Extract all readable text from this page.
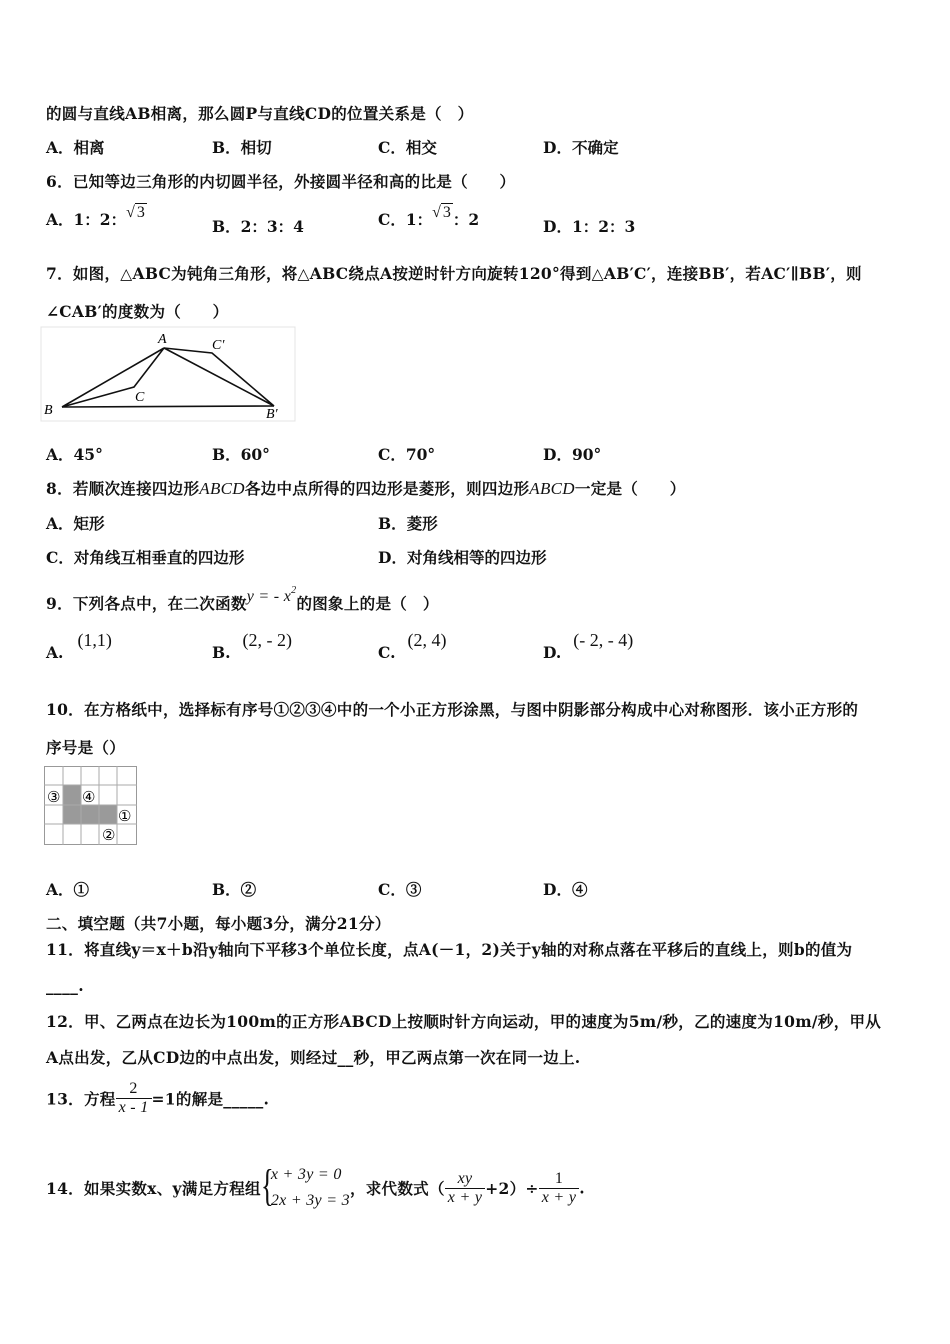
的圆与直线AB相离，那么圆P与直线CD的位置关系是（　）
A．相离	B．相切	C．相交	D．不确定
6．已知等边三角形的内切圆半径，外接圆半径和高的比是（　　）
A．1：2：√ 3
B．2：3：4	C．1：√ 3 ：2	D．1：2：3
7．如图，△ABC为钝角三角形，将△ABC绕点A按逆时针方向旋转120°得到△AB′C′，连接BB′，若AC′∥BB′，则
∠CAB′的度数为（　　）
A
B
C
B′
C′
A．45°	B．60°	C．70°	D．90°
8．若顺次连接四边形ABCD各边中点所得的四边形是菱形，则四边形ABCD一定是（　　）
A．矩形	B．菱形
C．对角线互相垂直的四边形	D．对角线相等的四边形
9．下列各点中，在二次函数y = - $x^2$的图象上的是（　）
A.(1,1)
B.(2, - 2)
C.(2, 4)
D.(- 2, - 4)
10．在方格纸中，选择标有序号①②③④中的一个小正方形涂黑，与图中阴影部分构成中心对称图形．该小正方形的
序号是（）
③ ④
①
②
A．①	B．②	C．③	D．④
二、填空题（共7小题，每小题3分，满分21分）
11．将直线y＝x＋b沿y轴向下平移3个单位长度，点A(－1，2)关于y轴的对称点落在平移后的直线上，则b的值为
____.
12．甲、乙两点在边长为100m的正方形ABCD上按顺时针方向运动，甲的速度为5m/秒，乙的速度为10m/秒，甲从
A点出发，乙从CD边的中点出发，则经过__秒，甲乙两点第一次在同一边上.
13．方程 $\frac{2}{x - 1} =1$的解是_____.
14．如果实数x、y满足方程组 {
x + 3y = 0
2x + 3y = 3
，求代数式（ $\frac{xy}{x + y} +2)\div \frac{1}{x + y}$ .
